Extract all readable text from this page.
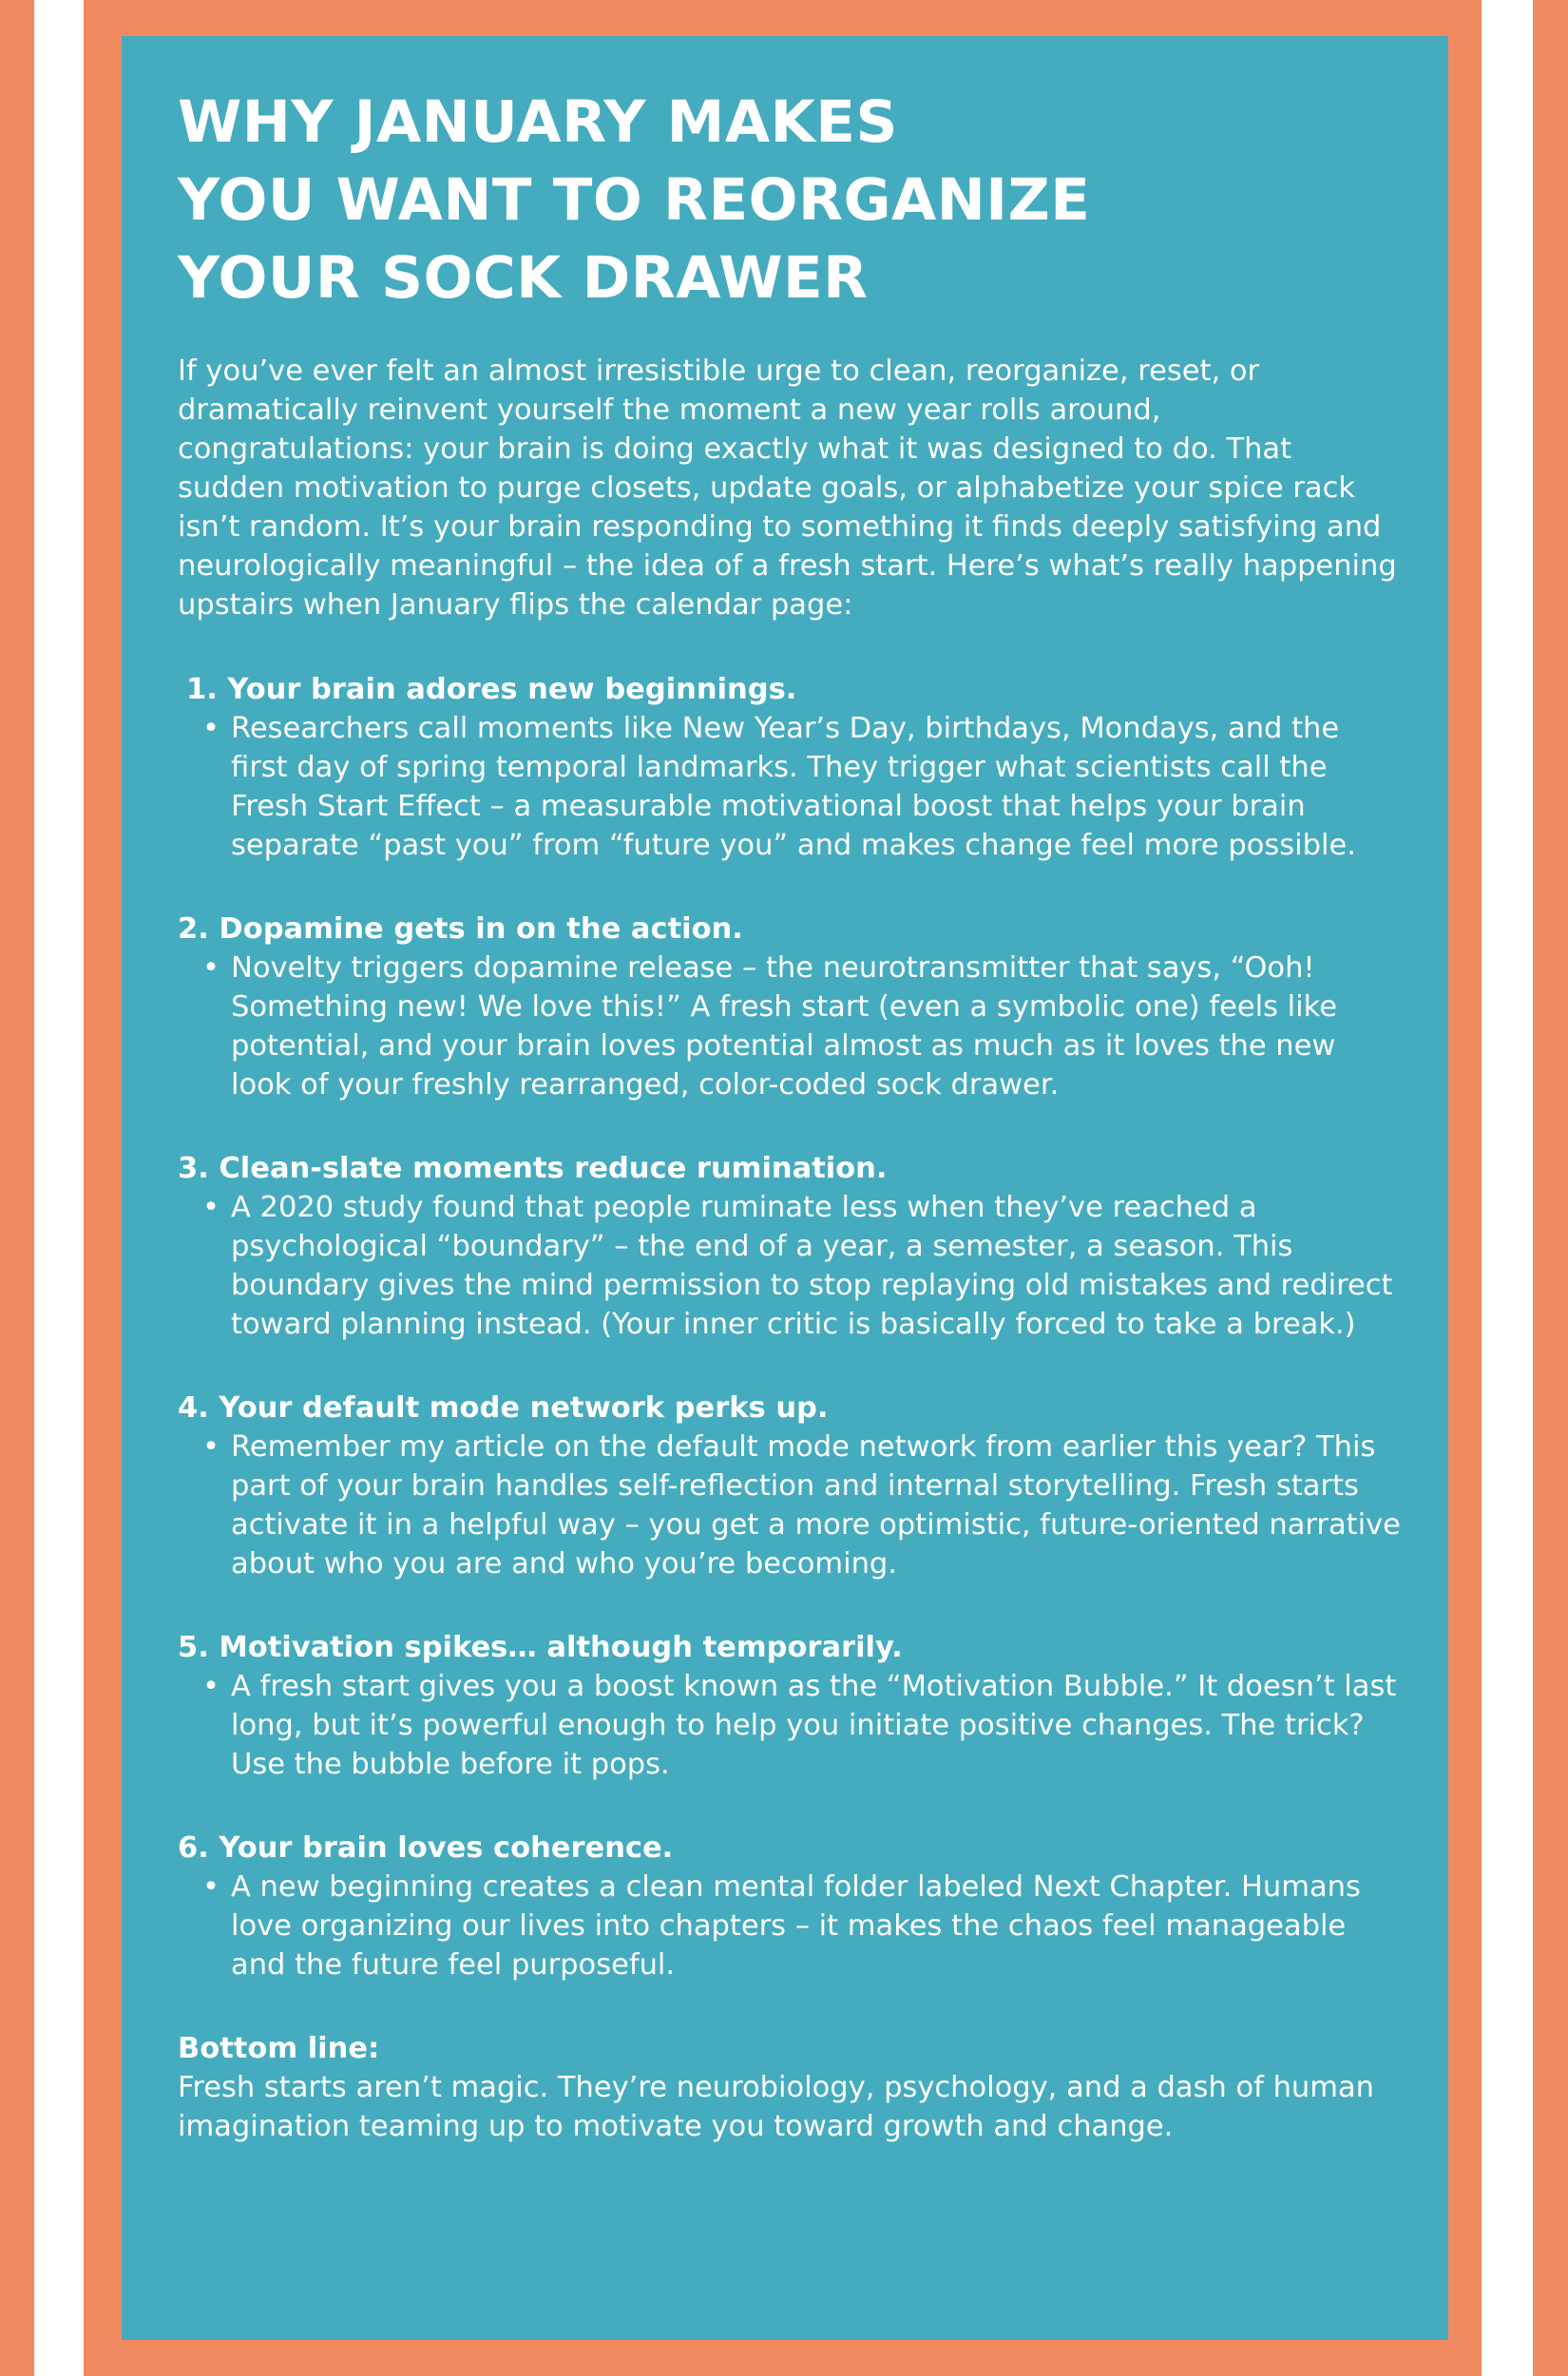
WHY JANUARY MAKES
YOU WANT TO REORGANIZE
YOUR SOCK DRAWER

If you’ve ever felt an almost irresistible urge to clean, reorganize, reset, or dramatically reinvent yourself the moment a new year rolls around, congratulations: your brain is doing exactly what it was designed to do. That sudden motivation to purge closets, update goals, or alphabetize your spice rack isn’t random. It’s your brain responding to something it finds deeply satisfying and neurologically meaningful – the idea of a fresh start. Here’s what’s really happening upstairs when January flips the calendar page:

1. Your brain adores new beginnings.

• Researchers call moments like New Year’s Day, birthdays, Mondays, and the first day of spring temporal landmarks. They trigger what scientists call the Fresh Start Effect – a measurable motivational boost that helps your brain separate “past you” from “future you” and makes change feel more possible.

2. Dopamine gets in on the action.

• Novelty triggers dopamine release – the neurotransmitter that says, “Ooh! Something new! We love this!” A fresh start (even a symbolic one) feels like potential, and your brain loves potential almost as much as it loves the new look of your freshly rearranged, color-coded sock drawer.

3. Clean-slate moments reduce rumination.

• A 2020 study found that people ruminate less when they’ve reached a psychological “boundary” – the end of a year, a semester, a season. This boundary gives the mind permission to stop replaying old mistakes and redirect toward planning instead. (Your inner critic is basically forced to take a break.)

4. Your default mode network perks up.

• Remember my article on the default mode network from earlier this year? This part of your brain handles self-reflection and internal storytelling. Fresh starts activate it in a helpful way – you get a more optimistic, future-oriented narrative about who you are and who you’re becoming.

5. Motivation spikes… although temporarily.

• A fresh start gives you a boost known as the “Motivation Bubble.” It doesn’t last long, but it’s powerful enough to help you initiate positive changes. The trick? Use the bubble before it pops.

6. Your brain loves coherence.

• A new beginning creates a clean mental folder labeled Next Chapter. Humans love organizing our lives into chapters – it makes the chaos feel manageable and the future feel purposeful.

Bottom line:

Fresh starts aren’t magic. They’re neurobiology, psychology, and a dash of human imagination teaming up to motivate you toward growth and change.
